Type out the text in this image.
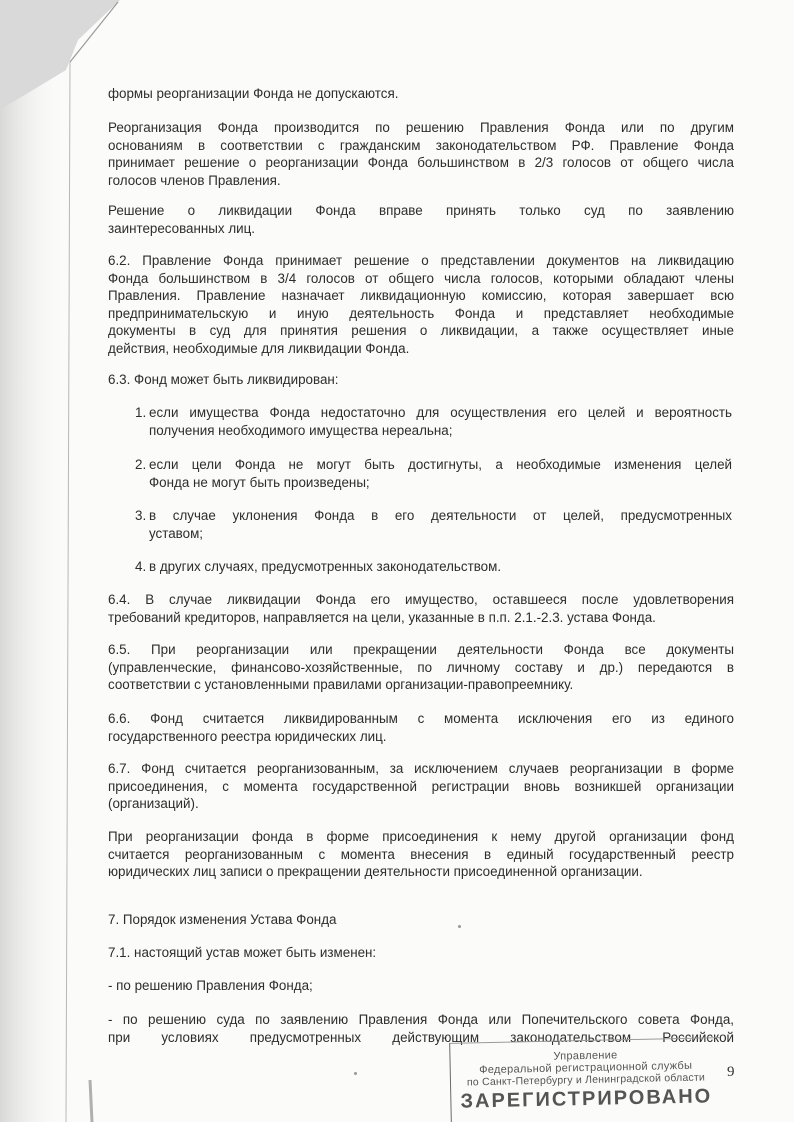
формы реорганизации Фонда не допускаются.

Реорганизация Фонда производится по решению Правления Фонда или по другим

основаниям в соответствии с гражданским законодательством РФ. Правление Фонда

принимает решение о реорганизации Фонда большинством в 2/3 голосов от общего числа

голосов членов Правления.

Решение о ликвидации Фонда вправе принять только суд по заявлению

заинтересованных лиц.

6.2. Правление Фонда принимает решение о представлении документов на ликвидацию

Фонда большинством в 3/4 голосов от общего числа голосов, которыми обладают члены

Правления. Правление назначает ликвидационную комиссию, которая завершает всю

предпринимательскую и иную деятельность Фонда и представляет необходимые

документы в суд для принятия решения о ликвидации, а также осуществляет иные

действия, необходимые для ликвидации Фонда.

6.3. Фонд может быть ликвидирован:

1. если имущества Фонда недостаточно для осуществления его целей и вероятность

получения необходимого имущества нереальна;

2. если цели Фонда не могут быть достигнуты, а необходимые изменения целей

Фонда не могут быть произведены;

3. в случае уклонения Фонда в его деятельности от целей, предусмотренных

уставом;

4. в других случаях, предусмотренных законодательством.

6.4. В случае ликвидации Фонда его имущество, оставшееся после удовлетворения

требований кредиторов, направляется на цели, указанные в п.п. 2.1.-2.3. устава Фонда.

6.5. При реорганизации или прекращении деятельности Фонда все документы

(управленческие, финансово-хозяйственные, по личному составу и др.) передаются в

соответствии с установленными правилами организации-правопреемнику.

6.6. Фонд считается ликвидированным с момента исключения его из единого

государственного реестра юридических лиц.

6.7. Фонд считается реорганизованным, за исключением случаев реорганизации в форме

присоединения, с момента государственной регистрации вновь возникшей организации

(организаций).

При реорганизации фонда в форме присоединения к нему другой организации фонд

считается реорганизованным с момента внесения в единый государственный реестр

юридических лиц записи о прекращении деятельности присоединенной организации.

7. Порядок изменения Устава Фонда

7.1. настоящий устав может быть изменен:

- по решению Правления Фонда;

- по решению суда по заявлению Правления Фонда или Попечительского совета Фонда,

при условиях предусмотренных действующим законодательством Российской

Управление
Федеральной регистрационной службы
по Санкт-Петербургу и Ленинградской области
ЗАРЕГИСТРИРОВАНО
9
